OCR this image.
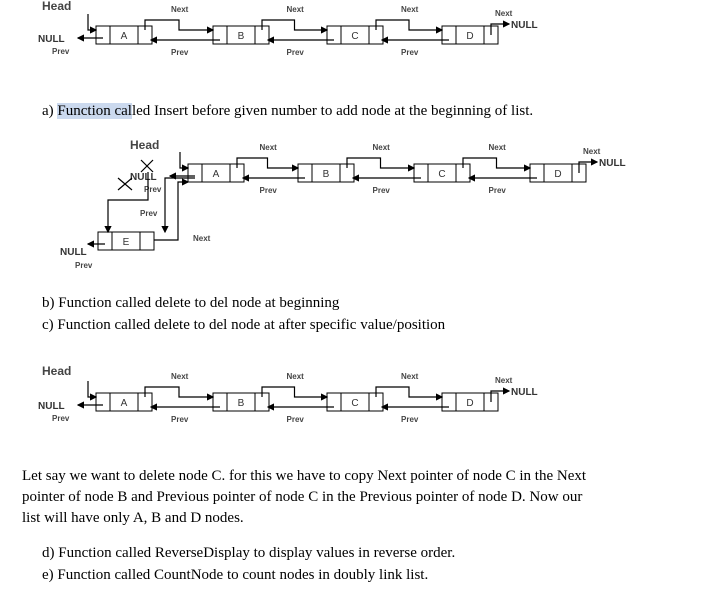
Head
A	B	C	D
Next
Prev
Next
Prev
Next
Prev
NULL
Prev
NULL
Next
Head
A	B	C	D
Next
Prev
Next
Prev
Next
Prev
NULL
Prev
NULL
Next
E
NULL
Prev
Next
Prev
Head
A	B	C	D
Next
Prev
Next
Prev
Next
Prev
NULL
Prev
NULL
Next
a) Function called Insert before given number to add node at the beginning of list.
b) Function called delete to del node at beginning
c) Function called delete to del node at after specific value/position
Let say we want to delete node C. for this we have to copy Next pointer of node C in the Next
pointer of node B and Previous pointer of node C in the Previous pointer of node D. Now our
list will have only A, B and D nodes.
d) Function called ReverseDisplay to display values in reverse order.
e) Function called CountNode to count nodes in doubly link list.
